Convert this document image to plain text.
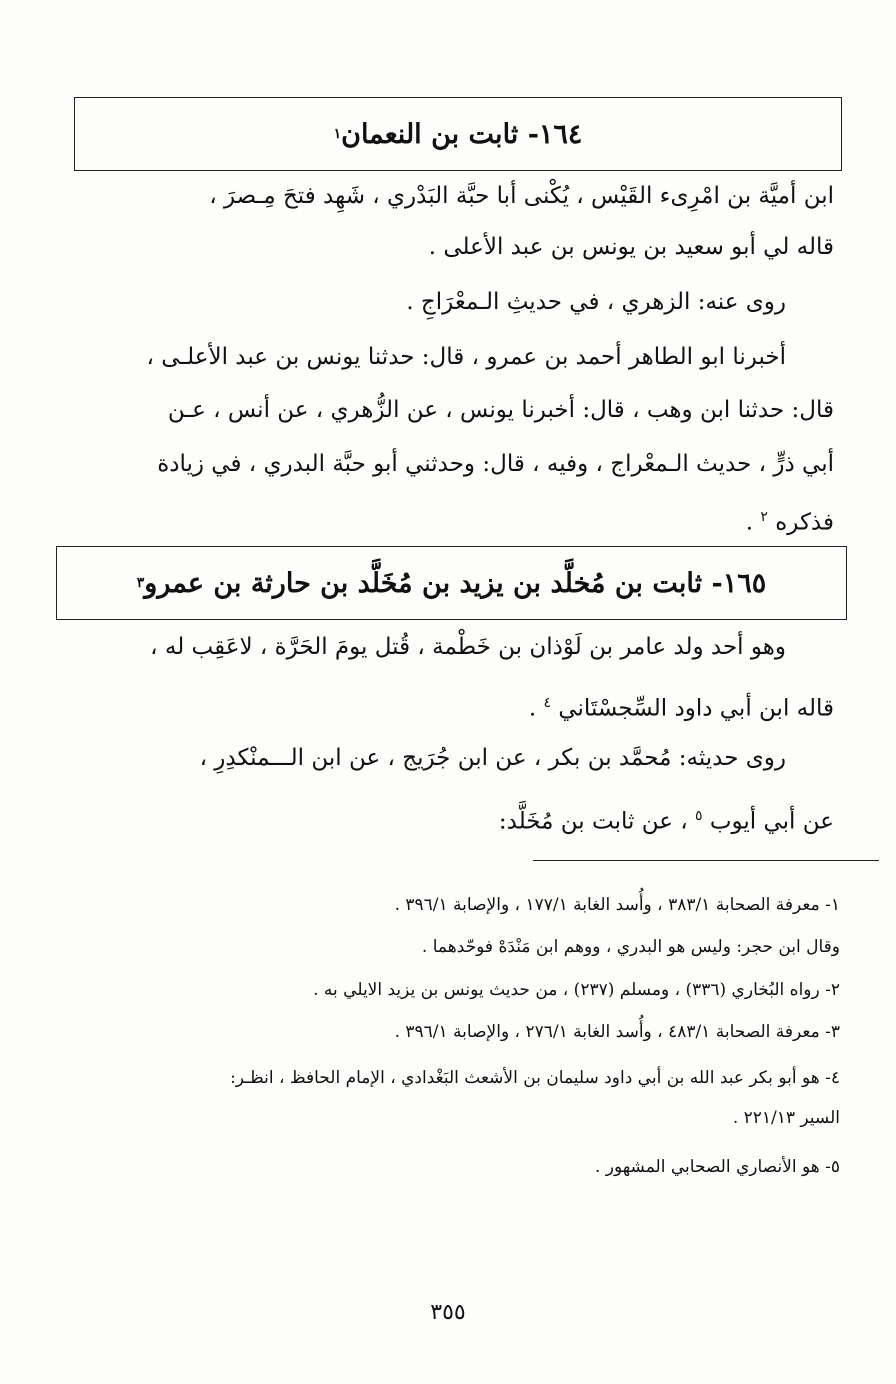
١٦٤- ثابت بن النعمان
١
ابن أميَّة بن امْرِىء القَيْس ، يُكْنى أبا حبَّة البَدْري ، شَهِد فتحَ مِـصرَ ،
قاله لي أبو سعيد بن يونس بن عبد الأعلى .
روى عنه: الزهري ، في حديثِ الـمعْرَاجِ .
أخبرنا ابو الطاهر أحمد بن عمرو ، قال: حدثنا يونس بن عبد الأعلـى ،
قال: حدثنا ابن وهب ، قال: أخبرنا يونس ، عن الزُّهري ، عن أنس ، عـن
أبي ذرٍّ ، حديث الـمعْراج ، وفيه ، قال: وحدثني أبو حبَّة البدري ، في زيادة
فذكره $^٢$ .
١٦٥- ثابت بن مُخلَّد بن يزيد بن مُخَلَّد بن حارثة بن عمرو
٣
وهو أحد ولد عامر بن لَوْذان بن خَطْمة ، قُتل يومَ الحَرَّة ، لاعَقِب له ،
قاله ابن أبي داود السِّجسْتَاني $^٤$ .
روى حديثه: مُحمَّد بن بكر ، عن ابن جُرَيج ، عن ابن الـــمنْكدِرِ ،
عن أبي أيوب $^٥$ ، عن ثابت بن مُخَلَّد:
١- معرفة الصحابة ٣٨٣/١ ، وأُسد الغابة ١٧٧/١ ، والإصابة ٣٩٦/١ .
وقال ابن حجر: وليس هو البدري ، ووهم ابن مَنْدَهْ فوحّدهما .
٢- رواه البُخاري (٣٣٦) ، ومسلم (٢٣٧) ، من حديث يونس بن يزيد الايلي به .
٣- معرفة الصحابة ٤٨٣/١ ، وأُسد الغابة ٢٧٦/١ ، والإصابة ٣٩٦/١ .
٤- هو أبو بكر عبد الله بن أبي داود سليمان بن الأشعث البَغْدادي ، الإمام الحافظ ، انظـر:
السير ٢٢١/١٣ .
٥- هو الأنصاري الصحابي المشهور .
٣٥٥
